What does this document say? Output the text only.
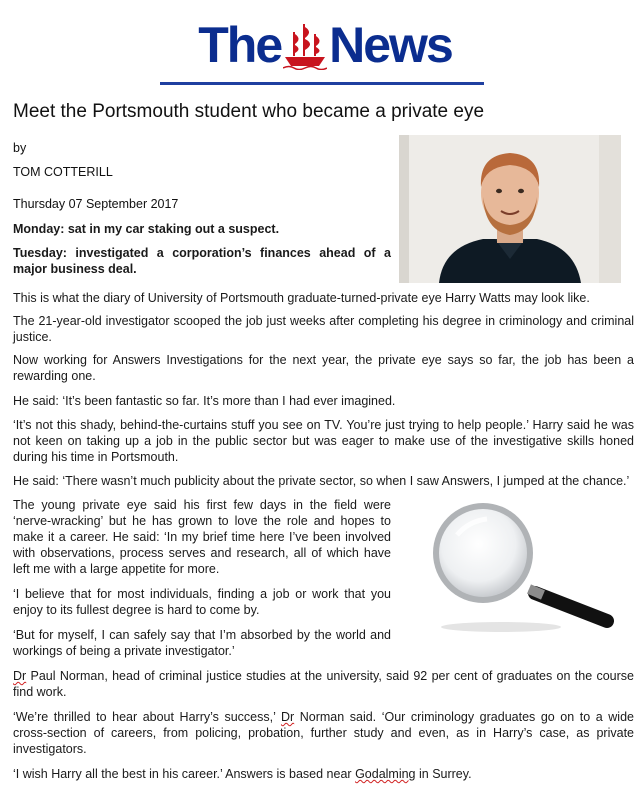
The News
Meet the Portsmouth student who became a private eye

by

TOM COTTERILL

Thursday 07 September 2017

Monday: sat in my car staking out a suspect.

Tuesday: investigated a corporation’s finances ahead of a major business deal.

This is what the diary of University of Portsmouth graduate-turned-private eye Harry Watts may look like.

The 21-year-old investigator scooped the job just weeks after completing his degree in criminology and criminal justice.

Now working for Answers Investigations for the next year, the private eye says so far, the job has been a rewarding one.

He said: ‘It’s been fantastic so far. It’s more than I had ever imagined.

‘It’s not this shady, behind-the-curtains stuff you see on TV. You’re just trying to help people.’ Harry said he was not keen on taking up a job in the public sector but was eager to make use of the investigative skills honed during his time in Portsmouth.

He said: ‘There wasn’t much publicity about the private sector, so when I saw Answers, I jumped at the chance.’

The young private eye said his first few days in the field were ‘nerve-wracking’ but he has grown to love the role and hopes to make it a career. He said: ‘In my brief time here I’ve been involved with observations, process serves and research, all of which have left me with a large appetite for more.

‘I believe that for most individuals, finding a job or work that you enjoy to its fullest degree is hard to come by.

‘But for myself, I can safely say that I’m absorbed by the world and workings of being a private investigator.’

Dr Paul Norman, head of criminal justice studies at the university, said 92 per cent of graduates on the course find work.

‘We’re thrilled to hear about Harry’s success,’ Dr Norman said. ‘Our criminology graduates go on to a wide cross-section of careers, from policing, probation, further study and even, as in Harry’s case, as private investigators.

‘I wish Harry all the best in his career.’ Answers is based near Godalming in Surrey.
